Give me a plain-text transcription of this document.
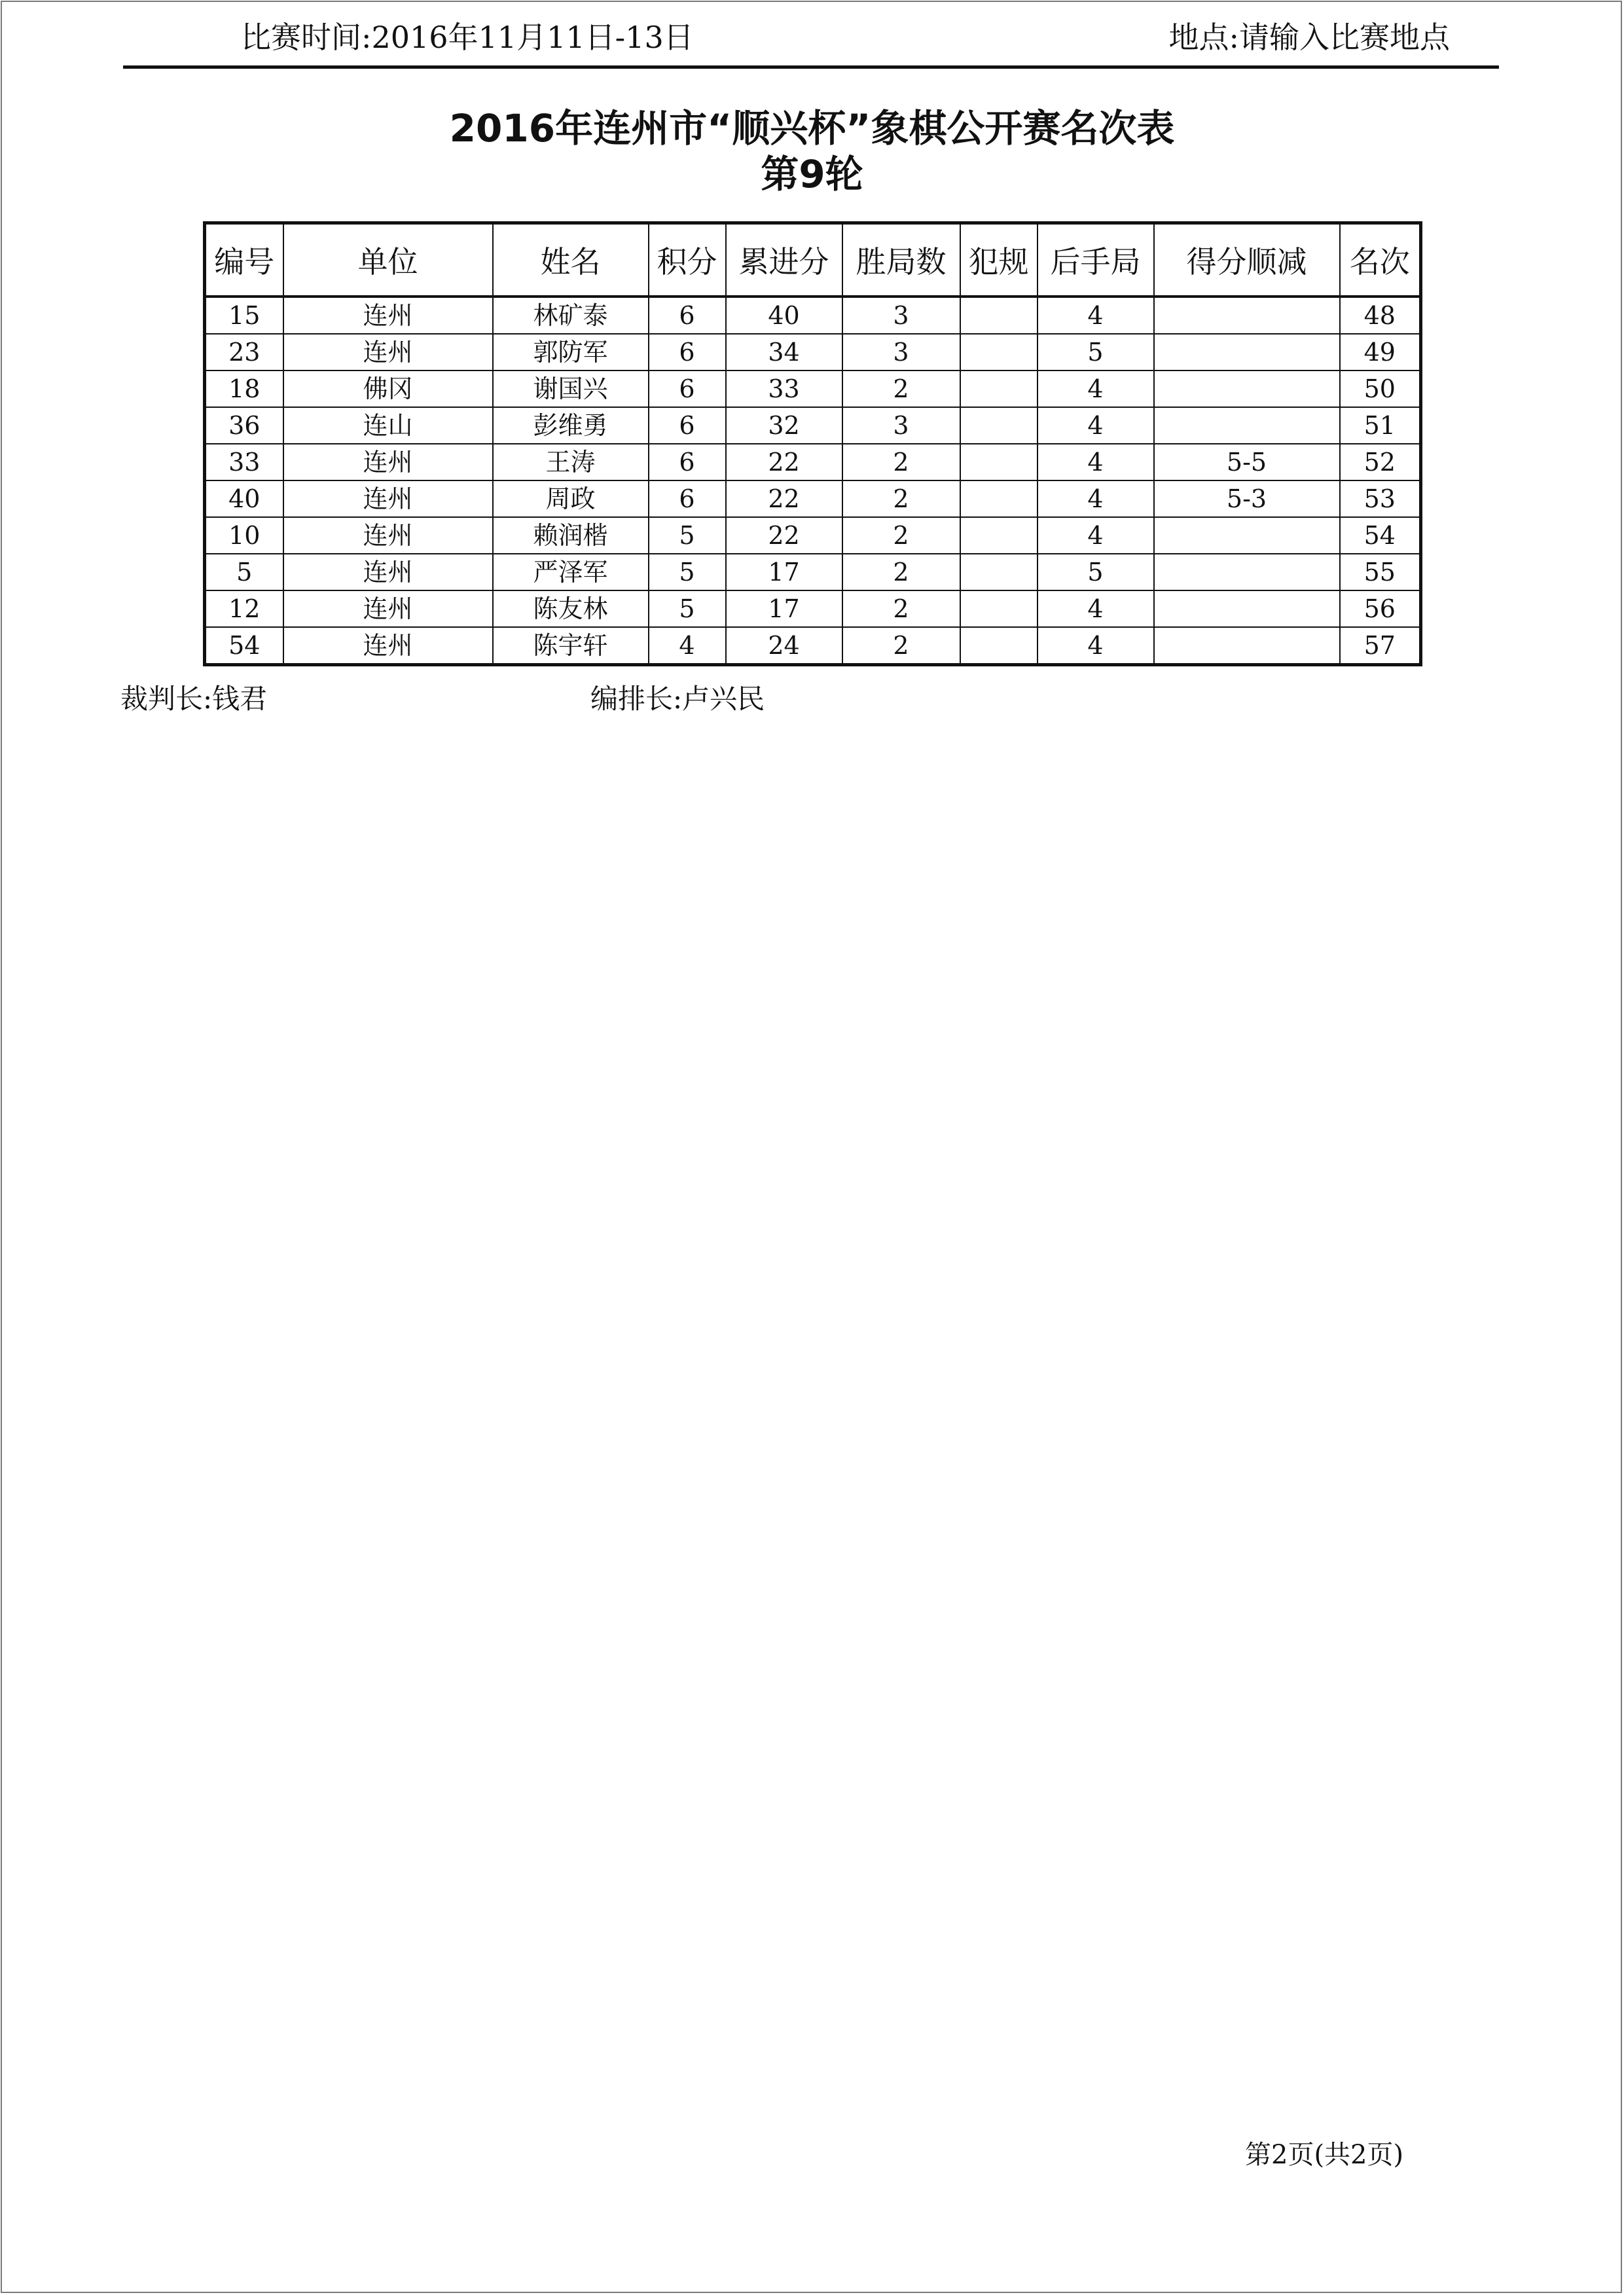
比赛时间:2016年11月11日-13日	地点:请输入比赛地点
2016年连州市“顺兴杯”象棋公开赛名次表
第9轮
编号	单位	姓名	积分	累进分	胜局数	犯规	后手局	得分顺减	名次
15	连州	林矿泰	6	40	3		4		48
23	连州	郭防军	6	34	3		5		49
18	佛冈	谢国兴	6	33	2		4		50
36	连山	彭维勇	6	32	3		4		51
33	连州	王涛	6	22	2		4	5-5	52
40	连州	周政	6	22	2		4	5-3	53
10	连州	赖润楷	5	22	2		4		54
5	连州	严泽军	5	17	2		5		55
12	连州	陈友林	5	17	2		4		56
54	连州	陈宇轩	4	24	2		4		57
裁判长:钱君	编排长:卢兴民
第2页(共2页)
